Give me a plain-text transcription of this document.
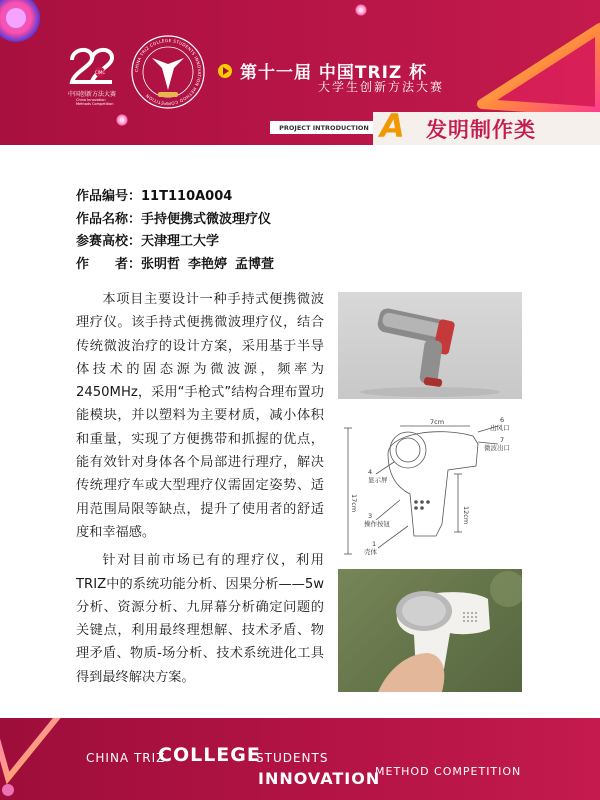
CIMC
中国创新方法大赛
China Innovation Methods Competition
CHINA TRIZ COLLEGE STUDENTS INNOVATION METHOD COMPETITION
第十一届 中国TRIZ 杯
大学生创新方法大赛
PROJECT INTRODUCTION A 发明制作类
作品编号：11T110A004
作品名称：手持便携式微波理疗仪
参赛高校：天津理工大学
作　　者：张明哲 李艳婷 孟博萱

本项目主要设计一种手持式便携微波理疗仪。该手持式便携微波理疗仪，结合传统微波治疗的设计方案，采用基于半导体技术的固态源为微波源，频率为2450MHz，采用“手枪式”结构合理布置功能模块，并以塑料为主要材质，减小体积和重量，实现了方便携带和抓握的优点，能有效针对身体各个局部进行理疗，解决传统理疗车或大型理疗仪需固定姿势、适用范围局限等缺点，提升了使用者的舒适度和幸福感。

针对目前市场已有的理疗仪，利用TRIZ中的系统功能分析、因果分析——5w分析、资源分析、九屏幕分析确定问题的关键点，利用最终理想解、技术矛盾、物理矛盾、物质-场分析、技术系统进化工具得到最终解决方案。

7cm
17cm
12cm
4
显示屏
3
操作按钮
1
壳体
6
出风口
7
微波出口
CHINA TRIZ
COLLEGE
STUDENTS
INNOVATION
METHOD COMPETITION
